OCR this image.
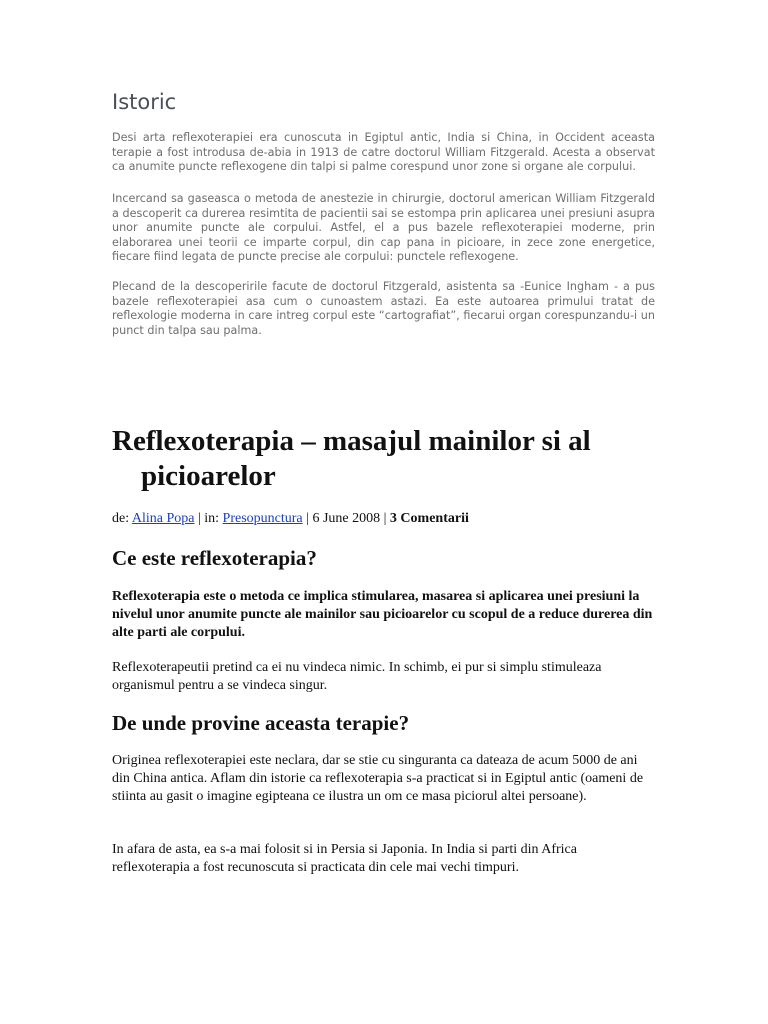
Istoric

Desi arta reflexoterapiei era cunoscuta in Egiptul antic, India si China, in Occident aceasta terapie a fost introdusa de-abia in 1913 de catre doctorul William Fitzgerald. Acesta a observat ca anumite puncte reflexogene din talpi si palme corespund unor zone si organe ale corpului.

Incercand sa gaseasca o metoda de anestezie in chirurgie, doctorul american William Fitzgerald a descoperit ca durerea resimtita de pacientii sai se estompa prin aplicarea unei presiuni asupra unor anumite puncte ale corpului. Astfel, el a pus bazele reflexoterapiei moderne, prin elaborarea unei teorii ce imparte corpul, din cap pana in picioare, in zece zone energetice, fiecare fiind legata de puncte precise ale corpului: punctele reflexogene.

Plecand de la descoperirile facute de doctorul Fitzgerald, asistenta sa -Eunice Ingham - a pus bazele reflexoterapiei asa cum o cunoastem astazi. Ea este autoarea primului tratat de reflexologie moderna in care intreg corpul este “cartografiat”, fiecarui organ corespunzandu-i un punct din talpa sau palma.

Reflexoterapia – masajul mainilor si al
picioarelor

de: Alina Popa | in: Presopunctura | 6 June 2008 | 3 Comentarii

Ce este reflexoterapia?

Reflexoterapia este o metoda ce implica stimularea, masarea si aplicarea unei presiuni la nivelul unor anumite puncte ale mainilor sau picioarelor cu scopul de a reduce durerea din alte parti ale corpului.

Reflexoterapeutii pretind ca ei nu vindeca nimic. In schimb, ei pur si simplu stimuleaza organismul pentru a se vindeca singur.

De unde provine aceasta terapie?

Originea reflexoterapiei este neclara, dar se stie cu singuranta ca dateaza de acum 5000 de ani din China antica. Aflam din istorie ca reflexoterapia s-a practicat si in Egiptul antic (oameni de stiinta au gasit o imagine egipteana ce ilustra un om ce masa piciorul altei persoane).

In afara de asta, ea s-a mai folosit si in Persia si Japonia. In India si parti din Africa reflexoterapia a fost recunoscuta si practicata din cele mai vechi timpuri.
